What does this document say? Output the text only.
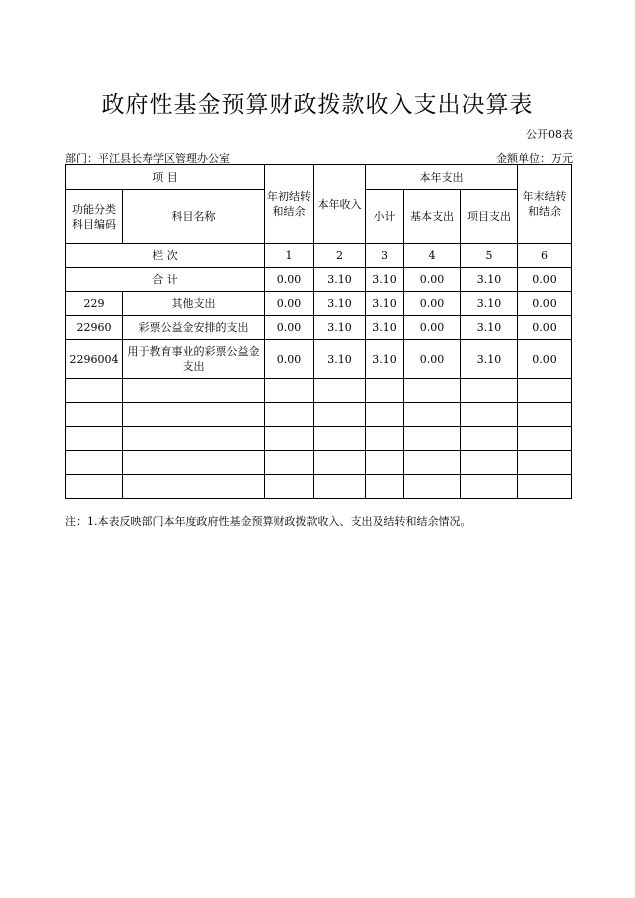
政府性基金预算财政拨款收入支出决算表
公开08表
部门：平江县长寿学区管理办公室	金额单位：万元
项 目		年初结转和结余	本年收入	本年支出			年末结转和结余
功能分类科目编码	科目名称			小计	基本支出	项目支出	
栏 次		1	2	3	4	5	6
合 计		0.00	3.10	3.10	0.00	3.10	0.00
229	其他支出	0.00	3.10	3.10	0.00	3.10	0.00
22960	彩票公益金安排的支出	0.00	3.10	3.10	0.00	3.10	0.00
2296004	用于教育事业的彩票公益金支出	0.00	3.10	3.10	0.00	3.10	0.00

注：1.本表反映部门本年度政府性基金预算财政拨款收入、支出及结转和结余情况。
